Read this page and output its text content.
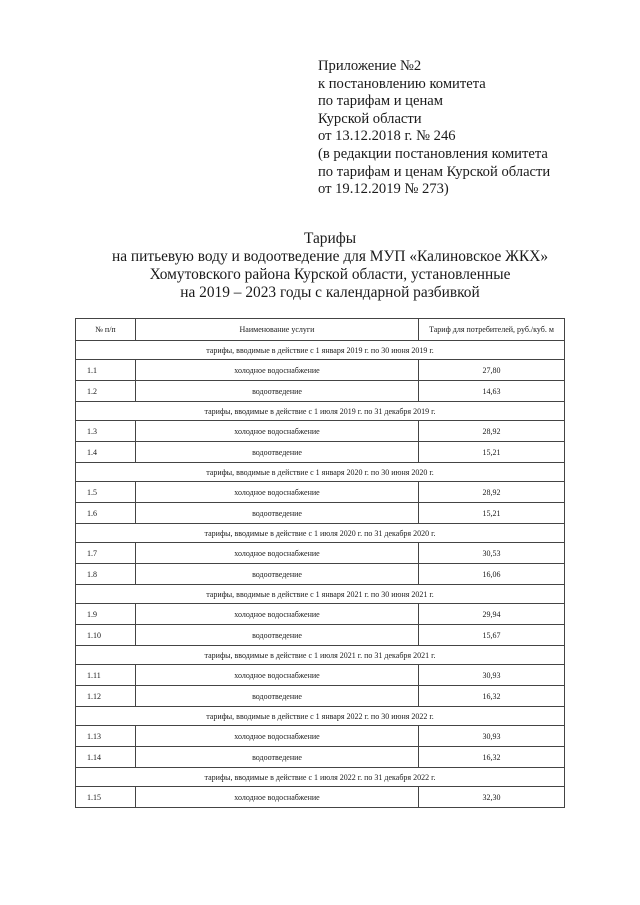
Приложение №2
к постановлению комитета
по тарифам и ценам
Курской области
от 13.12.2018 г. № 246
(в редакции постановления комитета
по тарифам и ценам Курской области
от 19.12.2019 № 273)
Тарифы
на питьевую воду и водоотведение для МУП «Калиновское ЖКХ»
Хомутовского района Курской области, установленные
на 2019 – 2023 годы с календарной разбивкой
№ п/п	Наименование услуги	Тариф для потребителей, руб./куб. м
тарифы, вводимые в действие с 1 января 2019 г. по 30 июня 2019 г.		
1.1	холодное водоснабжение	27,80
1.2	водоотведение	14,63
тарифы, вводимые в действие с 1 июля 2019 г. по 31 декабря 2019 г.		
1.3	холодное водоснабжение	28,92
1.4	водоотведение	15,21
тарифы, вводимые в действие с 1 января 2020 г. по 30 июня 2020 г.		
1.5	холодное водоснабжение	28,92
1.6	водоотведение	15,21
тарифы, вводимые в действие с 1 июля 2020 г. по 31 декабря 2020 г.		
1.7	холодное водоснабжение	30,53
1.8	водоотведение	16,06
тарифы, вводимые в действие с 1 января 2021 г. по 30 июня 2021 г.		
1.9	холодное водоснабжение	29,94
1.10	водоотведение	15,67
тарифы, вводимые в действие с 1 июля 2021 г. по 31 декабря 2021 г.		
1.11	холодное водоснабжение	30,93
1.12	водоотведение	16,32
тарифы, вводимые в действие с 1 января 2022 г. по 30 июня 2022 г.		
1.13	холодное водоснабжение	30,93
1.14	водоотведение	16,32
тарифы, вводимые в действие с 1 июля 2022 г. по 31 декабря 2022 г.		
1.15	холодное водоснабжение	32,30
